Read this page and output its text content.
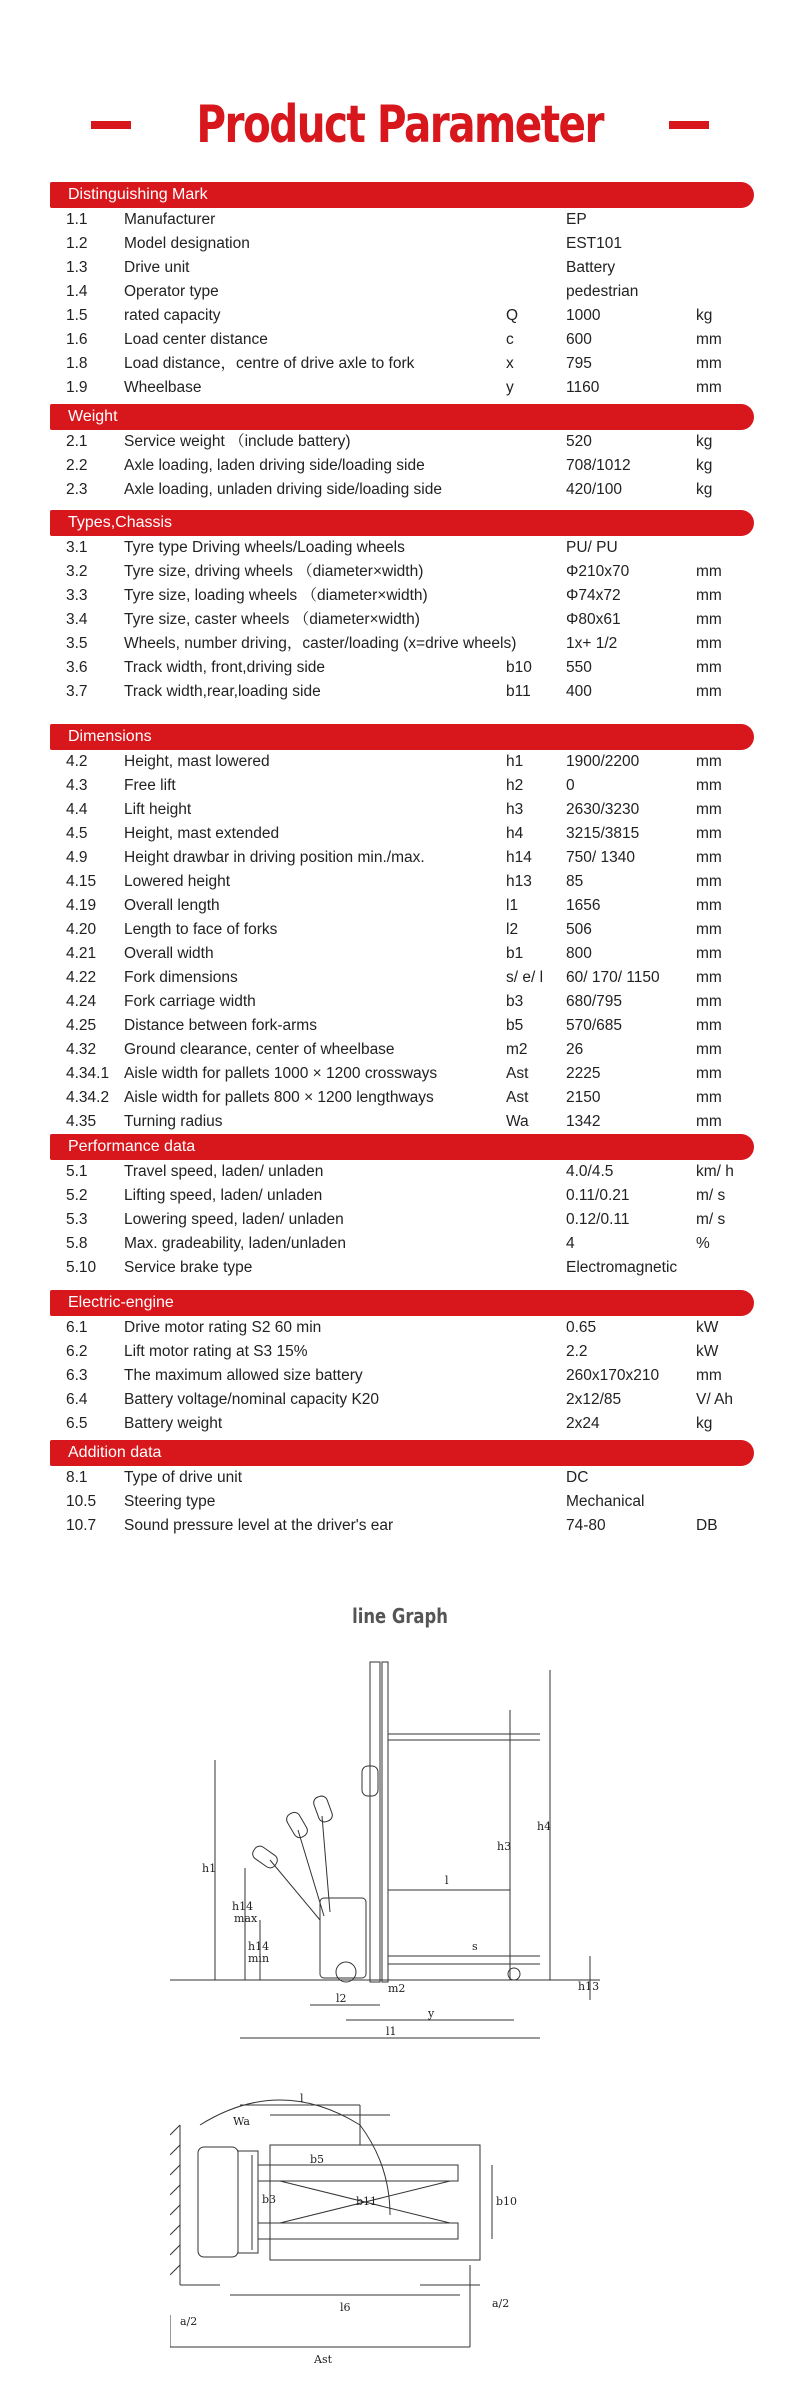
Product Parameter
Distinguishing Mark
1.1 Manufacturer	EP
1.2 Model designation	EST101
1.3 Drive unit	Battery
1.4 Operator type	pedestrian
1.5 rated capacity	Q	1000	kg
1.6 Load center distance	c	600	mm
1.8 Load distance，centre of drive axle to fork	x	795	mm
1.9 Wheelbase	y	1160	mm
Weight
2.1 Service weight （include battery)	520	kg
2.2 Axle loading, laden driving side/loading side	708/1012	kg
2.3 Axle loading, unladen driving side/loading side	420/100	kg
Types,Chassis
3.1 Tyre type Driving wheels/Loading wheels	PU/ PU
3.2 Tyre size, driving wheels （diameter×width)	Φ210x70	mm
3.3 Tyre size, loading wheels （diameter×width)	Φ74x72	mm
3.4 Tyre size, caster wheels （diameter×width)	Φ80x61	mm
3.5 Wheels, number driving，caster/loading (x=drive wheels)	1x+ 1/2	mm
3.6 Track width, front,driving side	b10 550	mm
3.7 Track width,rear,loading side	b11 400	mm
Dimensions
4.2 Height, mast lowered	h1	1900/2200	mm
4.3 Free lift	h2	0	mm
4.4 Lift height	h3	2630/3230	mm
4.5 Height, mast extended	h4	3215/3815	mm
4.9 Height drawbar in driving position min./max.	h14 750/ 1340	mm
4.15 Lowered height	h13 85	mm
4.19 Overall length	l1	1656	mm
4.20 Length to face of forks	l2	506	mm
4.21 Overall width	b1	800	mm
4.22 Fork dimensions	s/ e/ l 60/ 170/ 1150 mm
4.24 Fork carriage width	b3	680/795	mm
4.25 Distance between fork-arms	b5	570/685	mm
4.32 Ground clearance, center of wheelbase	m2 26	mm
4.34.1 Aisle width for pallets 1000 × 1200 crossways	Ast 2225	mm
4.34.2 Aisle width for pallets 800 × 1200 lengthways	Ast 2150	mm
4.35 Turning radius	Wa 1342	mm
Performance data
5.1 Travel speed, laden/ unladen	4.0/4.5	km/ h
5.2 Lifting speed, laden/ unladen	0.11/0.21	m/ s
5.3 Lowering speed, laden/ unladen	0.12/0.11	m/ s
5.8 Max. gradeability, laden/unladen	4	%
5.10 Service brake type	Electromagnetic
Electric-engine
6.1 Drive motor rating S2 60 min	0.65	kW
6.2 Lift motor rating at S3 15%	2.2	kW
6.3 The maximum allowed size battery	260x170x210 mm
6.4 Battery voltage/nominal capacity K20	2x12/85	V/ Ah
6.5 Battery weight	2x24	kg
Addition data
8.1 Type of drive unit	DC
10.5 Steering type	Mechanical
10.7 Sound pressure level at the driver's ear	74-80	DB
line Graph
h1
h3
h4
l
h14
max
h14
min
s
l2
m2
y
l1
h13
l
Wa
b5
b3	b11	b10
a/2
a/2
l6
Ast
